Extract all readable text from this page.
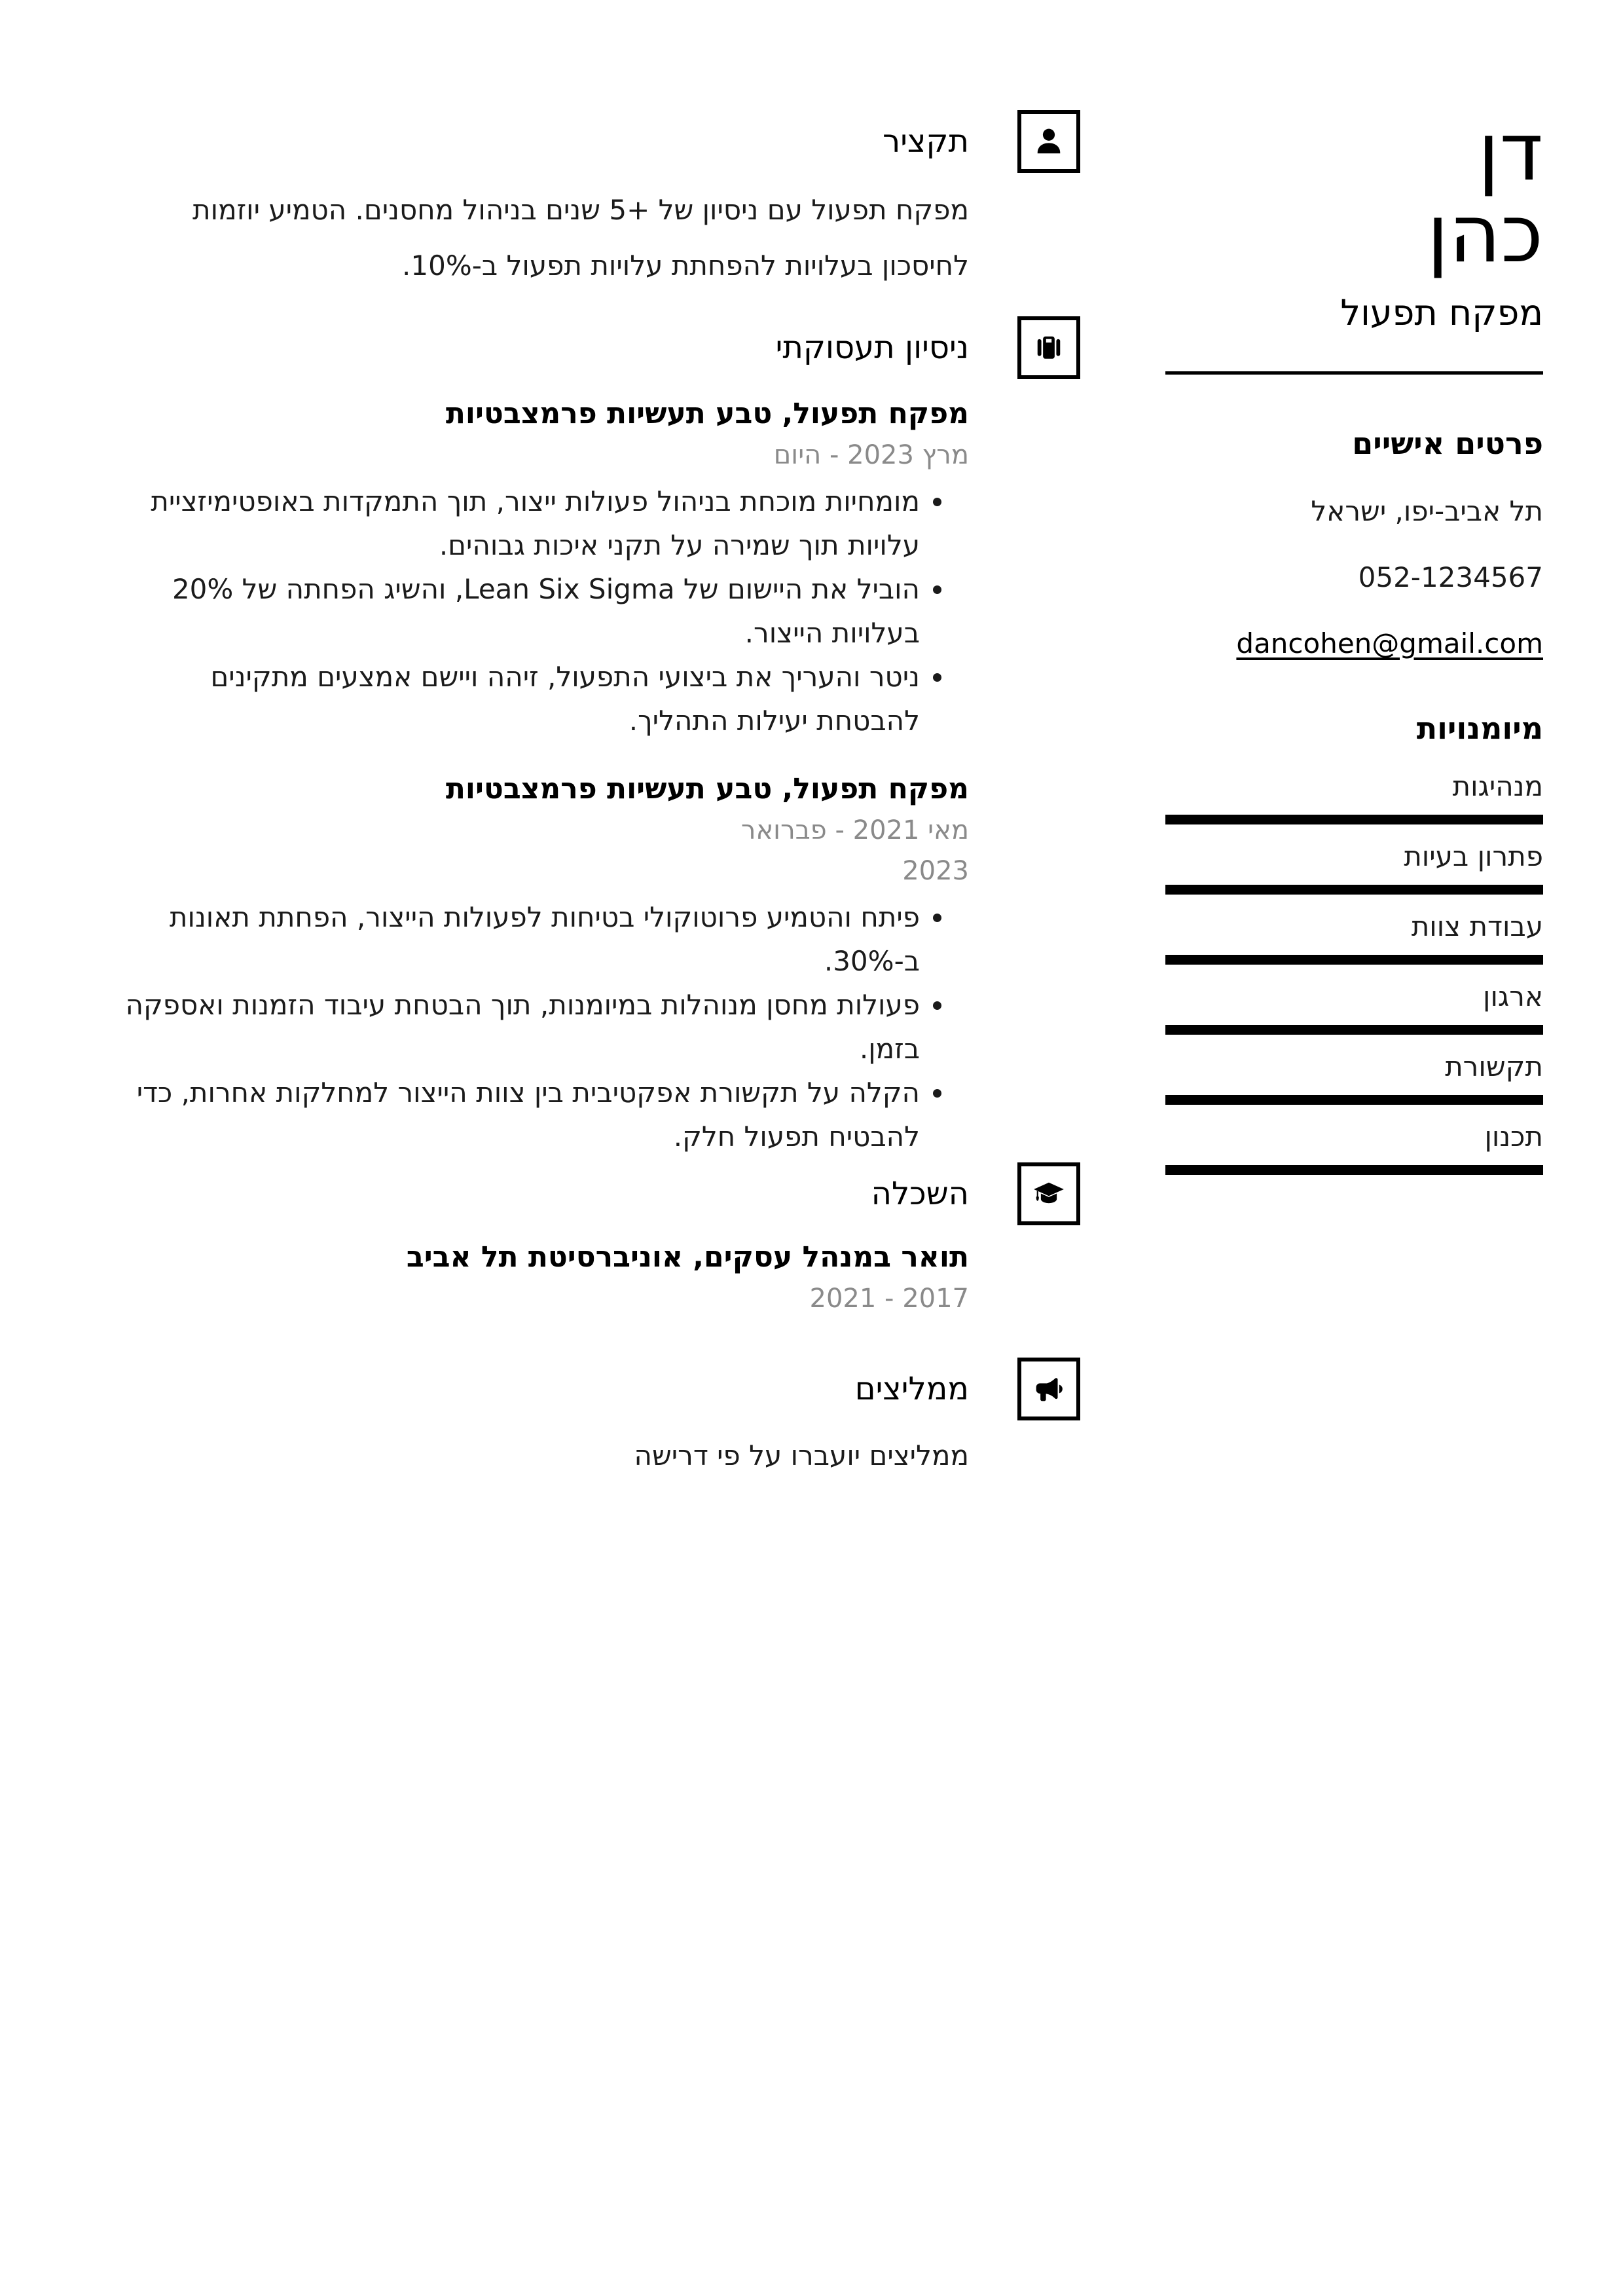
דן
כהן
מפקח תפעול
פרטים אישיים
תל אביב-יפו, ישראל
052-1234567
dancohen@gmail.com
מיומנויות
מנהיגות
פתרון בעיות
עבודת צוות
ארגון
תקשורת
תכנון
תקציר

מפקח תפעול עם ניסיון של +5 שנים בניהול מחסנים. הטמיע יוזמות לחיסכון בעלויות להפחתת עלויות תפעול ב-10%.

ניסיון תעסוקתי
מפקח תפעול, טבע תעשיות פרמצבטיות
מרץ 2023 - היום
• מומחיות מוכחת בניהול פעולות ייצור, תוך התמקדות באופטימיזציית עלויות תוך שמירה על תקני איכות גבוהים.
• הוביל את היישום של Lean Six Sigma, והשיג הפחתה של 20% בעלויות הייצור.
• ניטר והעריך את ביצועי התפעול, זיהה ויישם אמצעים מתקינים להבטחת יעילות התהליך.
מפקח תפעול, טבע תעשיות פרמצבטיות
מאי 2021 - פברואר 2023
• פיתח והטמיע פרוטוקולי בטיחות לפעולות הייצור, הפחתת תאונות ב-30%.
• פעולות מחסן מנוהלות במיומנות, תוך הבטחת עיבוד הזמנות ואספקה בזמן.
• הקלה על תקשורת אפקטיבית בין צוות הייצור למחלקות אחרות, כדי להבטיח תפעול חלק.
השכלה
תואר במנהל עסקים, אוניברסיטת תל אביב
2017 - 2021
ממליצים

ממליצים יועברו על פי דרישה
